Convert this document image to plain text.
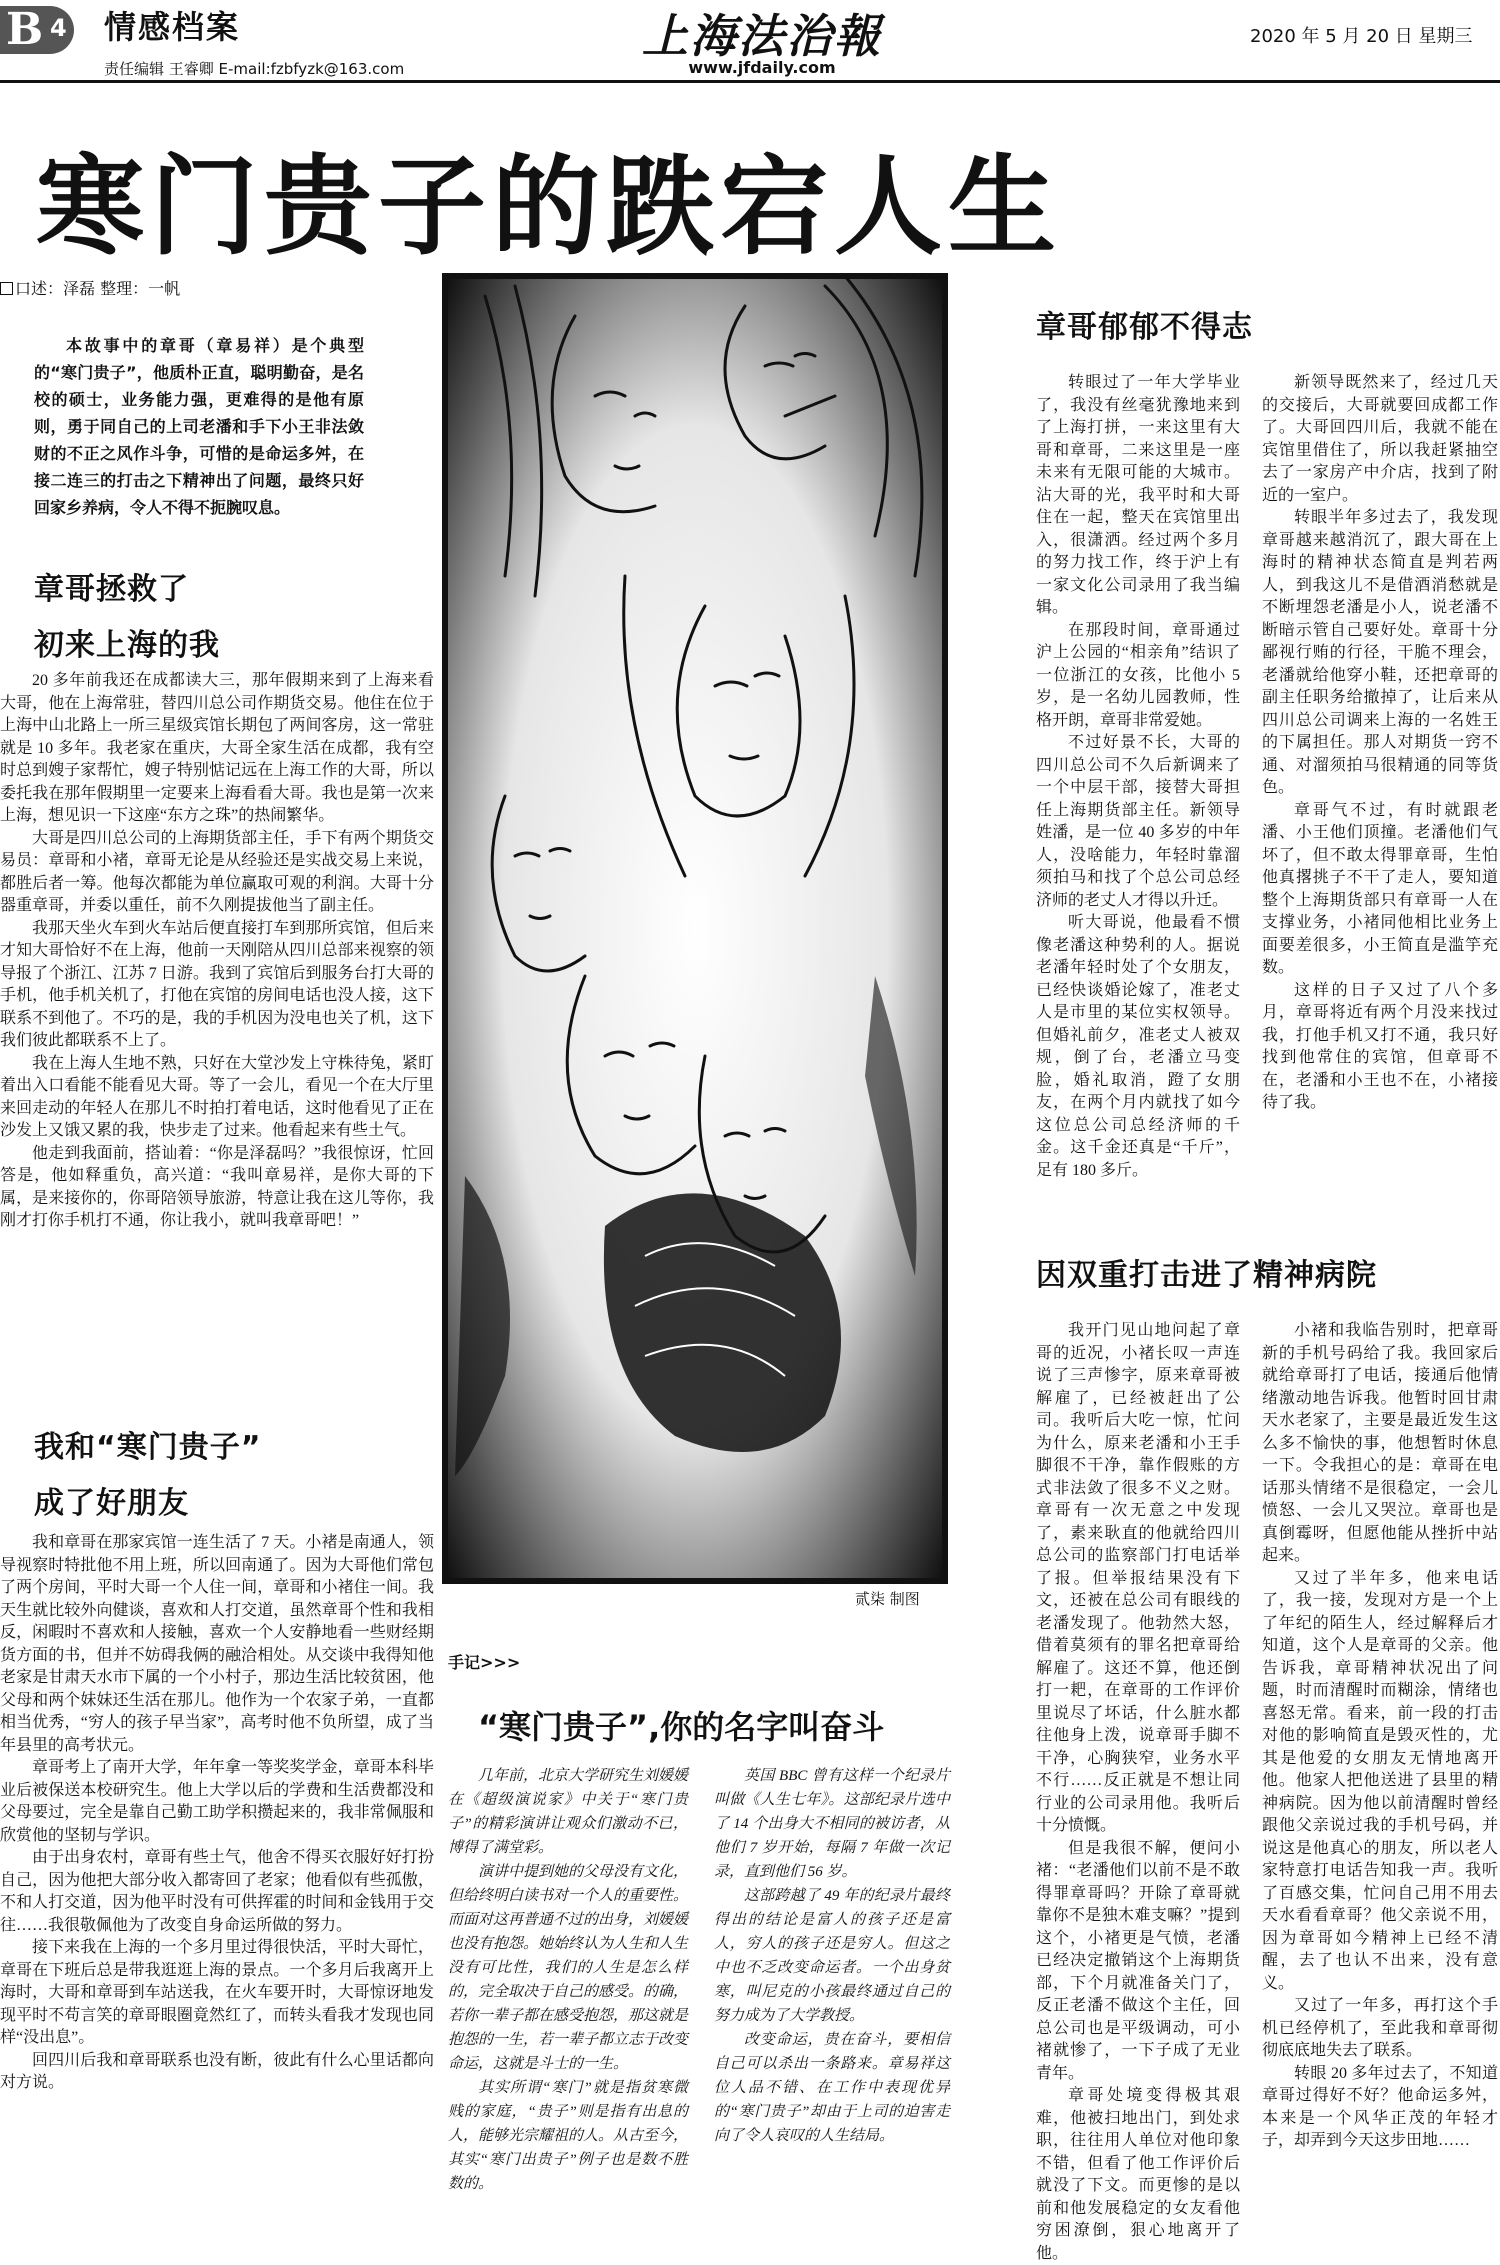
B 4 情感档案
责任编辑 王睿卿 E-mail:fzbfyzk@163.com
上海法治報
www.jfdaily.com
2020 年 5 月 20 日 星期三
寒门贵子的跌宕人生
口述：泽磊 整理：一帆

本故事中的章哥（章易祥）是个典型的“寒门贵子”，他质朴正直，聪明勤奋，是名校的硕士，业务能力强，更难得的是他有原则，勇于同自己的上司老潘和手下小王非法敛财的不正之风作斗争，可惜的是命运多舛，在接二连三的打击之下精神出了问题，最终只好回家乡养病，令人不得不扼腕叹息。

章哥拯救了
初来上海的我

20 多年前我还在成都读大三，那年假期来到了上海来看大哥，他在上海常驻，替四川总公司作期货交易。他住在位于上海中山北路上一所三星级宾馆长期包了两间客房，这一常驻就是 10 多年。我老家在重庆，大哥全家生活在成都，我有空时总到嫂子家帮忙，嫂子特别惦记远在上海工作的大哥，所以委托我在那年假期里一定要来上海看看大哥。我也是第一次来上海，想见识一下这座“东方之珠”的热闹繁华。

大哥是四川总公司的上海期货部主任，手下有两个期货交易员：章哥和小褚，章哥无论是从经验还是实战交易上来说，都胜后者一筹。他每次都能为单位赢取可观的利润。大哥十分器重章哥，并委以重任，前不久刚提拔他当了副主任。

我那天坐火车到火车站后便直接打车到那所宾馆，但后来才知大哥恰好不在上海，他前一天刚陪从四川总部来视察的领导报了个浙江、江苏 7 日游。我到了宾馆后到服务台打大哥的手机，他手机关机了，打他在宾馆的房间电话也没人接，这下联系不到他了。不巧的是，我的手机因为没电也关了机，这下我们彼此都联系不上了。

我在上海人生地不熟，只好在大堂沙发上守株待兔，紧盯着出入口看能不能看见大哥。等了一会儿，看见一个在大厅里来回走动的年轻人在那儿不时拍打着电话，这时他看见了正在沙发上又饿又累的我，快步走了过来。他看起来有些土气。

他走到我面前，搭讪着：“你是泽磊吗？”我很惊讶，忙回答是，他如释重负，高兴道：“我叫章易祥，是你大哥的下属，是来接你的，你哥陪领导旅游，特意让我在这儿等你，我刚才打你手机打不通，你让我小，就叫我章哥吧！”

我和“寒门贵子”
成了好朋友

我和章哥在那家宾馆一连生活了 7 天。小褚是南通人，领导视察时特批他不用上班，所以回南通了。因为大哥他们常包了两个房间，平时大哥一个人住一间，章哥和小褚住一间。我天生就比较外向健谈，喜欢和人打交道，虽然章哥个性和我相反，闲暇时不喜欢和人接触，喜欢一个人安静地看一些财经期货方面的书，但并不妨碍我俩的融洽相处。从交谈中我得知他老家是甘肃天水市下属的一个小村子，那边生活比较贫困，他父母和两个妹妹还生活在那儿。他作为一个农家子弟，一直都相当优秀，“穷人的孩子早当家”，高考时他不负所望，成了当年县里的高考状元。

章哥考上了南开大学，年年拿一等奖奖学金，章哥本科毕业后被保送本校研究生。他上大学以后的学费和生活费都没和父母要过，完全是靠自己勤工助学积攒起来的，我非常佩服和欣赏他的坚韧与学识。

由于出身农村，章哥有些土气，他舍不得买衣服好好打扮自己，因为他把大部分收入都寄回了老家；他看似有些孤傲，不和人打交道，因为他平时没有可供挥霍的时间和金钱用于交往……我很敬佩他为了改变自身命运所做的努力。

接下来我在上海的一个多月里过得很快活，平时大哥忙，章哥在下班后总是带我逛逛上海的景点。一个多月后我离开上海时，大哥和章哥到车站送我，在火车要开时，大哥惊讶地发现平时不苟言笑的章哥眼圈竟然红了，而转头看我才发现也同样“没出息”。

回四川后我和章哥联系也没有断，彼此有什么心里话都向对方说。

贰柒 制图
手记>>>
“寒门贵子”,你的名字叫奋斗

几年前，北京大学研究生刘媛媛在《超级演说家》中关于“寒门贵子”的精彩演讲让观众们激动不已，博得了满堂彩。

演讲中提到她的父母没有文化，但给终明白读书对一个人的重要性。而面对这再普通不过的出身，刘媛媛也没有抱怨。她始终认为人生和人生没有可比性，我们的人生是怎么样的，完全取决于自己的感受。的确，若你一辈子都在感受抱怨，那这就是抱怨的一生，若一辈子都立志于改变命运，这就是斗士的一生。

其实所谓“寒门”就是指贫寒微贱的家庭，“贵子”则是指有出息的人，能够光宗耀祖的人。从古至今，其实“寒门出贵子”例子也是数不胜数的。

英国 BBC 曾有这样一个纪录片叫做《人生七年》。这部纪录片选中了 14 个出身大不相同的被访者，从他们 7 岁开始，每隔 7 年做一次记录，直到他们 56 岁。

这部跨越了 49 年的纪录片最终得出的结论是富人的孩子还是富人，穷人的孩子还是穷人。但这之中也不乏改变命运者。一个出身贫寒，叫尼克的小孩最终通过自己的努力成为了大学教授。

改变命运，贵在奋斗，要相信自己可以杀出一条路来。章易祥这位人品不错、在工作中表现优异的“寒门贵子”却由于上司的迫害走向了令人哀叹的人生结局。

章哥郁郁不得志

转眼过了一年大学毕业了，我没有丝毫犹豫地来到了上海打拼，一来这里有大哥和章哥，二来这里是一座未来有无限可能的大城市。沾大哥的光，我平时和大哥住在一起，整天在宾馆里出入，很潇洒。经过两个多月的努力找工作，终于沪上有一家文化公司录用了我当编辑。

在那段时间，章哥通过沪上公园的“相亲角”结识了一位浙江的女孩，比他小 5 岁，是一名幼儿园教师，性格开朗，章哥非常爱她。

不过好景不长，大哥的四川总公司不久后新调来了一个中层干部，接替大哥担任上海期货部主任。新领导姓潘，是一位 40 多岁的中年人，没啥能力，年轻时靠溜须拍马和找了个总公司总经济师的老丈人才得以升迁。

听大哥说，他最看不惯像老潘这种势利的人。据说老潘年轻时处了个女朋友，已经快谈婚论嫁了，准老丈人是市里的某位实权领导。但婚礼前夕，准老丈人被双规，倒了台，老潘立马变脸，婚礼取消，蹬了女朋友，在两个月内就找了如今这位总公司总经济师的千金。这千金还真是“千斤”，足有 180 多斤。

新领导既然来了，经过几天的交接后，大哥就要回成都工作了。大哥回四川后，我就不能在宾馆里借住了，所以我赶紧抽空去了一家房产中介店，找到了附近的一室户。

转眼半年多过去了，我发现章哥越来越消沉了，跟大哥在上海时的精神状态简直是判若两人，到我这儿不是借酒消愁就是不断埋怨老潘是小人，说老潘不断暗示管自己要好处。章哥十分鄙视行贿的行径，干脆不理会，老潘就给他穿小鞋，还把章哥的副主任职务给撤掉了，让后来从四川总公司调来上海的一名姓王的下属担任。那人对期货一窍不通、对溜须拍马很精通的同等货色。

章哥气不过，有时就跟老潘、小王他们顶撞。老潘他们气坏了，但不敢太得罪章哥，生怕他真撂挑子不干了走人，要知道整个上海期货部只有章哥一人在支撑业务，小褚同他相比业务上面要差很多，小王简直是滥竽充数。

这样的日子又过了八个多月，章哥将近有两个月没来找过我，打他手机又打不通，我只好找到他常住的宾馆，但章哥不在，老潘和小王也不在，小褚接待了我。

因双重打击进了精神病院

我开门见山地问起了章哥的近况，小褚长叹一声连说了三声惨字，原来章哥被解雇了，已经被赶出了公司。我听后大吃一惊，忙问为什么，原来老潘和小王手脚很不干净，靠作假账的方式非法敛了很多不义之财。章哥有一次无意之中发现了，素来耿直的他就给四川总公司的监察部门打电话举了报。但举报结果没有下文，还被在总公司有眼线的老潘发现了。他勃然大怒，借着莫须有的罪名把章哥给解雇了。这还不算，他还倒打一耙，在章哥的工作评价里说尽了坏话，什么脏水都往他身上泼，说章哥手脚不干净，心胸狭窄，业务水平不行……反正就是不想让同行业的公司录用他。我听后十分愤慨。

但是我很不解，便问小褚：“老潘他们以前不是不敢得罪章哥吗？开除了章哥就靠你不是独木难支嘛？”提到这个，小褚更是气愤，老潘已经决定撤销这个上海期货部，下个月就准备关门了，反正老潘不做这个主任，回总公司也是平级调动，可小褚就惨了，一下子成了无业青年。

章哥处境变得极其艰难，他被扫地出门，到处求职，往往用人单位对他印象不错，但看了他工作评价后就没了下文。而更惨的是以前和他发展稳定的女友看他穷困潦倒，狠心地离开了他。

小褚和我临告别时，把章哥新的手机号码给了我。我回家后就给章哥打了电话，接通后他情绪激动地告诉我。他暂时回甘肃天水老家了，主要是最近发生这么多不愉快的事，他想暂时休息一下。令我担心的是：章哥在电话那头情绪不是很稳定，一会儿愤怒、一会儿又哭泣。章哥也是真倒霉呀，但愿他能从挫折中站起来。

又过了半年多，他来电话了，我一接，发现对方是一个上了年纪的陌生人，经过解释后才知道，这个人是章哥的父亲。他告诉我，章哥精神状况出了问题，时而清醒时而糊涂，情绪也喜怒无常。看来，前一段的打击对他的影响简直是毁灭性的，尤其是他爱的女朋友无情地离开他。他家人把他送进了县里的精神病院。因为他以前清醒时曾经跟他父亲说过我的手机号码，并说这是他真心的朋友，所以老人家特意打电话告知我一声。我听了百感交集，忙问自己用不用去天水看看章哥？他父亲说不用，因为章哥如今精神上已经不清醒，去了也认不出来，没有意义。

又过了一年多，再打这个手机已经停机了，至此我和章哥彻彻底底地失去了联系。

转眼 20 多年过去了，不知道章哥过得好不好？他命运多舛，本来是一个风华正茂的年轻才子，却弄到今天这步田地……
